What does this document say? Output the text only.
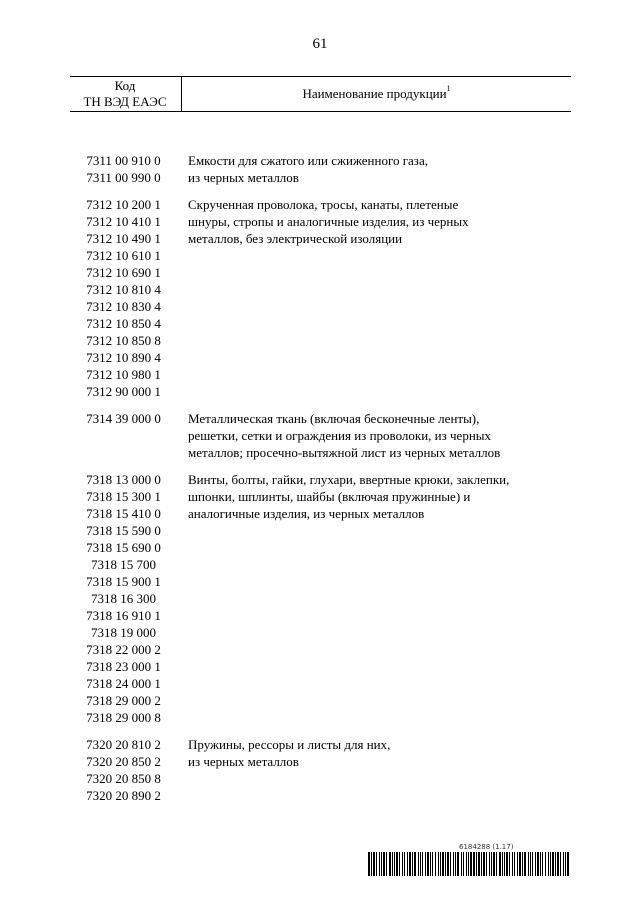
61
Код
ТН ВЭД ЕАЭС
Наименование продукции$^1$
7311 00 910 0
7311 00 990 0
Емкости для сжатого или сжиженного газа,
из черных металлов
7312 10 200 1
7312 10 410 1
7312 10 490 1
7312 10 610 1
7312 10 690 1
7312 10 810 4
7312 10 830 4
7312 10 850 4
7312 10 850 8
7312 10 890 4
7312 10 980 1
7312 90 000 1
Скрученная проволока, тросы, канаты, плетеные
шнуры, стропы и аналогичные изделия, из черных
металлов, без электрической изоляции
7314 39 000 0	Металлическая ткань (включая бесконечные ленты),
решетки, сетки и ограждения из проволоки, из черных
металлов; просечно-вытяжной лист из черных металлов
7318 13 000 0
7318 15 300 1
7318 15 410 0
7318 15 590 0
7318 15 690 0
7318 15 700
7318 15 900 1
7318 16 300
7318 16 910 1
7318 19 000
7318 22 000 2
7318 23 000 1
7318 24 000 1
7318 29 000 2
7318 29 000 8
Винты, болты, гайки, глухари, ввертные крюки, заклепки,
шпонки, шплинты, шайбы (включая пружинные) и
аналогичные изделия, из черных металлов
7320 20 810 2
7320 20 850 2
7320 20 850 8
7320 20 890 2
Пружины, рессоры и листы для них,
из черных металлов
6184288 (1.17)
